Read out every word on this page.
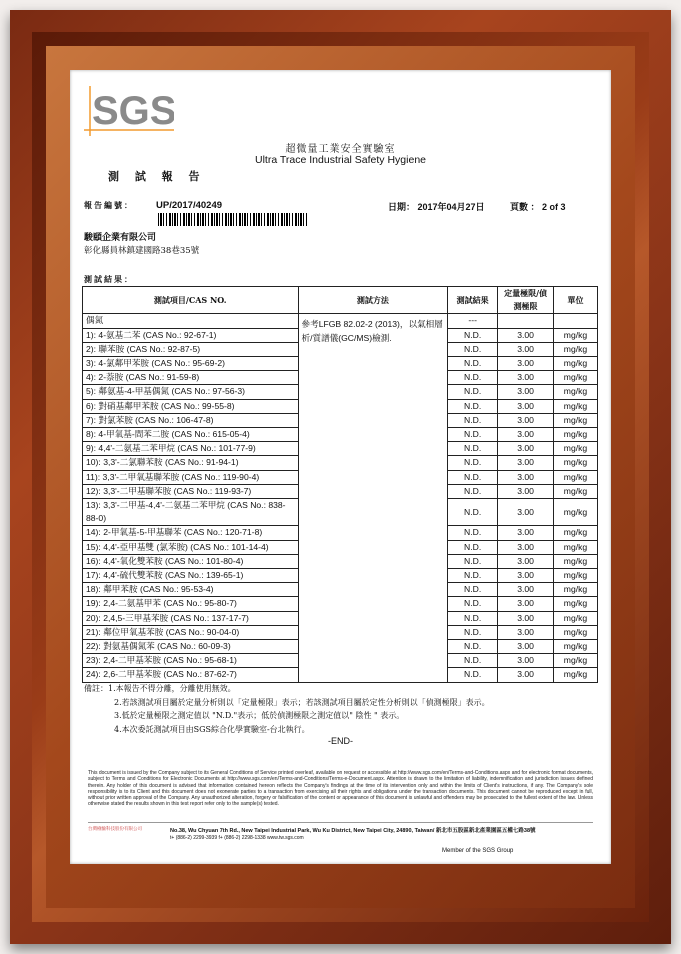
SGS
超微量工業安全實驗室
Ultra Trace Industrial Safety Hygiene
測 試 報 告
報告編號： UP/2017/40249	日期： 2017年04月27日	頁數 ： 2 of 3
駿頤企業有限公司
彰化縣員林鎮建國路38巷35號
測試結果：
測試項目/CAS NO.	測試方法	測試結果	定量極限/偵測極限	單位
偶氮	參考LFGB 82.02-2 (2013)，以氣相層析/質譜儀(GC/MS)檢測.	---		
1): 4-氨基二苯 (CAS No.: 92-67-1)		N.D.	3.00	mg/kg
2): 聯苯胺 (CAS No.: 92-87-5)		N.D.	3.00	mg/kg
3): 4-氯鄰甲苯胺 (CAS No.: 95-69-2)		N.D.	3.00	mg/kg
4): 2-萘胺 (CAS No.: 91-59-8)		N.D.	3.00	mg/kg
5): 鄰氨基-4-甲基偶氮 (CAS No.: 97-56-3)		N.D.	3.00	mg/kg
6): 對硝基鄰甲苯胺 (CAS No.: 99-55-8)		N.D.	3.00	mg/kg
7): 對氯苯胺 (CAS No.: 106-47-8)		N.D.	3.00	mg/kg
8): 4-甲氧基-間苯二胺 (CAS No.: 615-05-4)		N.D.	3.00	mg/kg
9): 4,4'-二氨基二苯甲烷 (CAS No.: 101-77-9)		N.D.	3.00	mg/kg
10): 3,3'-二氯聯苯胺 (CAS No.: 91-94-1)		N.D.	3.00	mg/kg
11): 3,3'-二甲氧基聯苯胺 (CAS No.: 119-90-4)		N.D.	3.00	mg/kg
12): 3,3'-二甲基聯苯胺 (CAS No.: 119-93-7)		N.D.	3.00	mg/kg
13): 3,3'-二甲基-4,4'-二氨基二苯甲烷 (CAS No.: 838-88-0)		N.D.	3.00	mg/kg
14): 2-甲氧基-5-甲基聯苯 (CAS No.: 120-71-8)		N.D.	3.00	mg/kg
15): 4,4'-亞甲基雙 (氯苯胺) (CAS No.: 101-14-4)		N.D.	3.00	mg/kg
16): 4,4'-氧化雙苯胺 (CAS No.: 101-80-4)		N.D.	3.00	mg/kg
17): 4,4'-硫代雙苯胺 (CAS No.: 139-65-1)		N.D.	3.00	mg/kg
18): 鄰甲苯胺 (CAS No.: 95-53-4)		N.D.	3.00	mg/kg
19): 2,4-二氨基甲苯 (CAS No.: 95-80-7)		N.D.	3.00	mg/kg
20): 2,4,5-三甲基苯胺 (CAS No.: 137-17-7)		N.D.	3.00	mg/kg
21): 鄰位甲氧基苯胺 (CAS No.: 90-04-0)		N.D.	3.00	mg/kg
22): 對氨基偶氮苯 (CAS No.: 60-09-3)		N.D.	3.00	mg/kg
23): 2,4-二甲基苯胺 (CAS No.: 95-68-1)		N.D.	3.00	mg/kg
24): 2,6-二甲基苯胺 (CAS No.: 87-62-7)		N.D.	3.00	mg/kg
備註：1.本報告不得分離，分離使用無效。
2.若該測試項目屬於定量分析則以「定量極限」表示；若該測試項目屬於定性分析則以「偵測極限」表示。
3.低於定量極限之測定值以 "N.D."表示；低於偵測極限之測定值以" 陰性 " 表示。
4.本次委託測試項目由SGS綜合化學實驗室-台北執行。
-END-
This document is issued by the Company subject to its General Conditions of Service printed overleaf, available on request or accessible at http://www.sgs.com/en/Terms-and-Conditions.aspx and for electronic format documents, subject to Terms and Conditions for Electronic Documents at http://www.sgs.com/en/Terms-and-Conditions/Terms-e-Document.aspx. Attention is drawn to the limitation of liability, indemnification and jurisdiction issues defined therein. Any holder of this document is advised that information contained hereon reflects the Company's findings at the time of its intervention only and within the limits of Client's instructions, if any. The Company's sole responsibility is to its Client and this document does not exonerate parties to a transaction from exercising all their rights and obligations under the transaction documents. This document cannot be reproduced except in full, without prior written approval of the Company. Any unauthorized alteration, forgery or falsification of the content or appearance of this document is unlawful and offenders may be prosecuted to the fullest extent of the law. Unless otherwise stated the results shown in this test report refer only to the sample(s) tested.
台灣檢驗科技股份有限公司	No.38, Wu Chyuan 7th Rd., New Taipei Industrial Park, Wu Ku District, New Taipei City, 24890, Taiwan/ 新北市五股區新北產業園區五權七路38號
t+ (886-2) 2299-3939 f+ (886-2) 2298-1338 www.tw.sgs.com
Member of the SGS Group
